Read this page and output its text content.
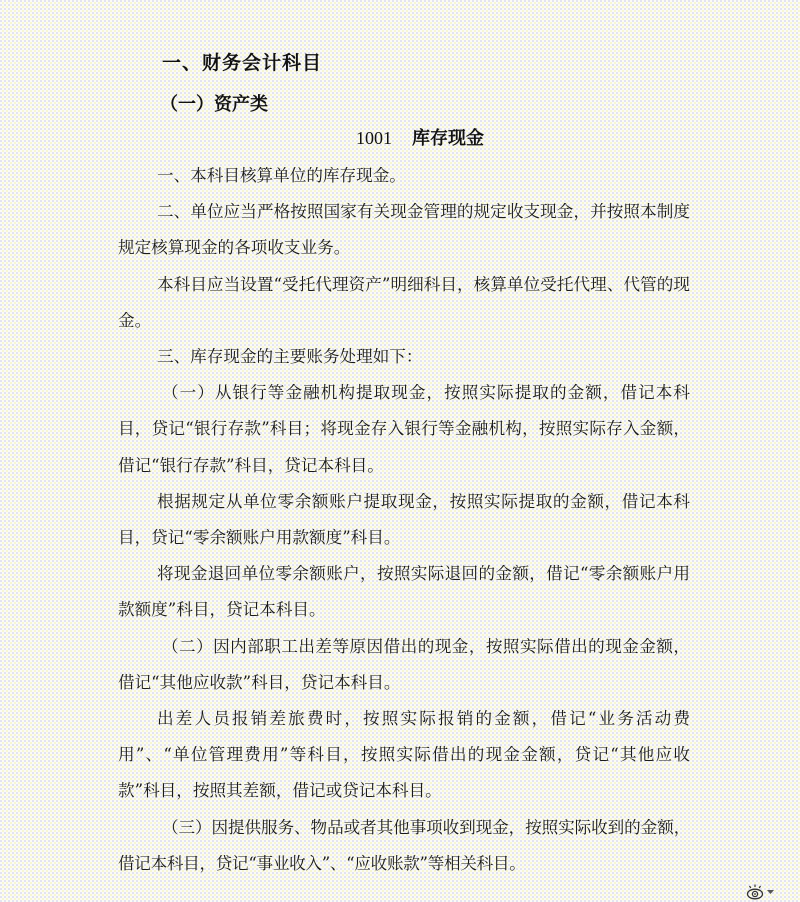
一、财务会计科目
（一）资产类
1001 库存现金

一、本科目核算单位的库存现金。

二、单位应当严格按照国家有关现金管理的规定收支现金，并按照本制度规定核算现金的各项收支业务。

本科目应当设置“受托代理资产”明细科目，核算单位受托代理、代管的现金。

三、库存现金的主要账务处理如下：

（一）从银行等金融机构提取现金，按照实际提取的金额，借记本科目，贷记“银行存款”科目；将现金存入银行等金融机构，按照实际存入金额，借记“银行存款”科目，贷记本科目。

根据规定从单位零余额账户提取现金，按照实际提取的金额，借记本科目，贷记“零余额账户用款额度”科目。

将现金退回单位零余额账户，按照实际退回的金额，借记“零余额账户用款额度”科目，贷记本科目。

（二）因内部职工出差等原因借出的现金，按照实际借出的现金金额，借记“其他应收款”科目，贷记本科目。

出差人员报销差旅费时，按照实际报销的金额，借记“业务活动费用”、“单位管理费用”等科目，按照实际借出的现金金额，贷记“其他应收款”科目，按照其差额，借记或贷记本科目。

（三）因提供服务、物品或者其他事项收到现金，按照实际收到的金额，借记本科目，贷记“事业收入”、“应收账款”等相关科目。
